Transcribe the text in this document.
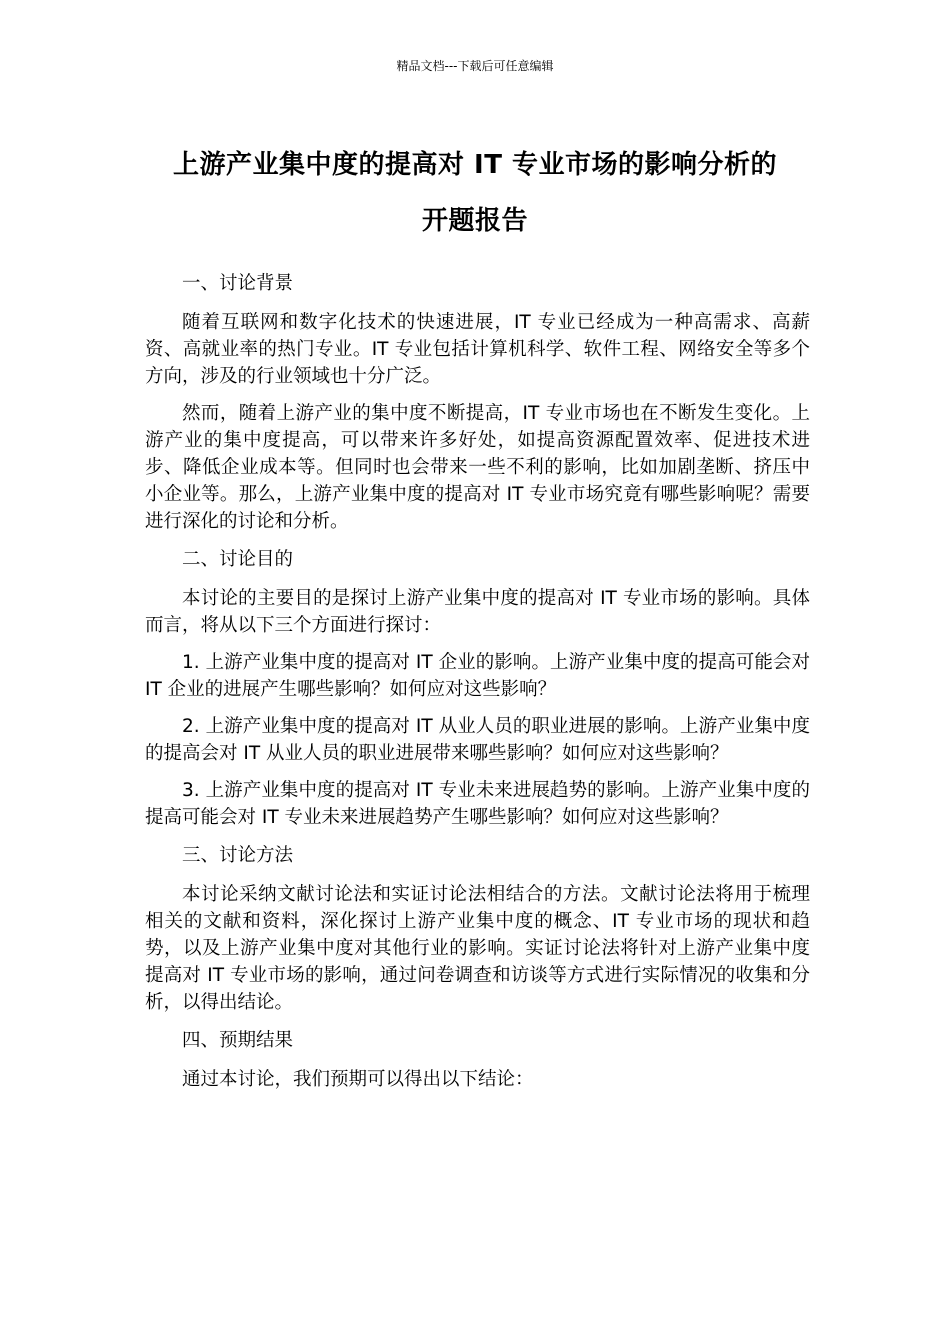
精品文档---下载后可任意编辑
上游产业集中度的提高对 IT 专业市场的影响分析的
开题报告
一、讨论背景

随着互联网和数字化技术的快速进展，IT 专业已经成为一种高需求、高薪资、高就业率的热门专业。IT 专业包括计算机科学、软件工程、网络安全等多个方向，涉及的行业领域也十分广泛。

然而，随着上游产业的集中度不断提高，IT 专业市场也在不断发生变化。上游产业的集中度提高，可以带来许多好处，如提高资源配置效率、促进技术进步、降低企业成本等。但同时也会带来一些不利的影响，比如加剧垄断、挤压中小企业等。那么，上游产业集中度的提高对 IT 专业市场究竟有哪些影响呢？需要进行深化的讨论和分析。

二、讨论目的

本讨论的主要目的是探讨上游产业集中度的提高对 IT 专业市场的影响。具体而言，将从以下三个方面进行探讨：

1. 上游产业集中度的提高对 IT 企业的影响。上游产业集中度的提高可能会对 IT 企业的进展产生哪些影响？如何应对这些影响？

2. 上游产业集中度的提高对 IT 从业人员的职业进展的影响。上游产业集中度的提高会对 IT 从业人员的职业进展带来哪些影响？如何应对这些影响？

3. 上游产业集中度的提高对 IT 专业未来进展趋势的影响。上游产业集中度的提高可能会对 IT 专业未来进展趋势产生哪些影响？如何应对这些影响？

三、讨论方法

本讨论采纳文献讨论法和实证讨论法相结合的方法。文献讨论法将用于梳理相关的文献和资料，深化探讨上游产业集中度的概念、IT 专业市场的现状和趋势，以及上游产业集中度对其他行业的影响。实证讨论法将针对上游产业集中度提高对 IT 专业市场的影响，通过问卷调查和访谈等方式进行实际情况的收集和分析，以得出结论。

四、预期结果

通过本讨论，我们预期可以得出以下结论：
